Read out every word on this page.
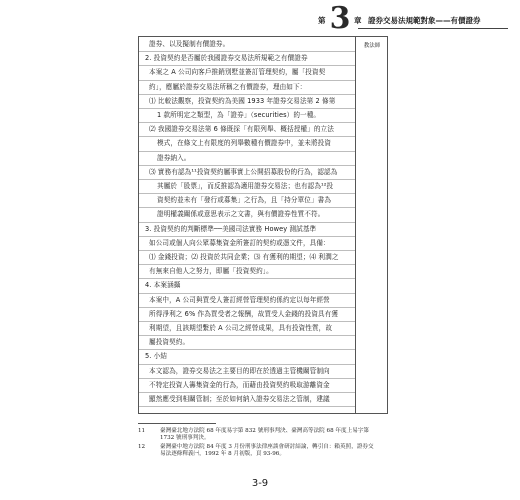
第 3 章 證券交易法規範對象——有價證券
教法師
證券、以及擬制有價證券。
2. 投資契約是否屬於我國證券交易法所規範之有價證券
本案之 A 公司向客戶推銷別墅並簽訂管理契約，屬「投資契
約」，應屬於證券交易法所稱之有價證券，理由如下：
⑴ 比較法觀察，投資契約為美國 1933 年證券交易法第 2 條第
1 款所明定之類型，為「證券」（securities）的一種。
⑵ 我國證券交易法第 6 條既採「有限列舉、概括授權」的立法
模式，在條文上有限度的列舉數種有價證券中，並未將投資
證券納入。
⑶ 實務有認為¹¹投資契約屬事實上公開招募股份的行為，認認為
其屬於「股票」，而反推認為適用證券交易法；也有認為¹²投
資契約並未有「發行或募集」之行為，且「持分單位」書為
證明權義關係或意思表示之文書，與有價證券性質不符。
3. 投資契約的判斷標準──美國司法實務 Howey 測試基準
如公司或個人向公眾募集資金所簽訂的契約或憑文件，具備：
⑴ 金錢投資；⑵ 投資於共同企業；⑶ 有獲利的期望；⑷ 利潤之
有無來自他人之努力，即屬「投資契約」。
4. 本案涵攝
本案中，A 公司與買受人簽訂經營管理契約係約定以每年經營
所得淨利之 6% 作為買受者之報酬，故買受人金錢的投資具有獲
利期望，且該期望繫於 A 公司之經營成果，具有投資性質，故
屬投資契約。
5. 小結
本文認為，證券交易法之主要目的即在於透過主管機關管制向
不特定投資人籌集資金的行為，而藉由投資契約吸取游離資金
顯然應受到相關管制；至於如何納入證券交易法之管制，建議
11	臺灣臺北地方法院 68 年度易字第 832 號刑事判決、臺灣高等法院 68 年度上易字第
1732 號刑事判決。
12	臺灣臺中地方法院 84 年度 3 月份刑事法律座談會研討結論，轉引自：賴英照，證券交
易法逐條釋義㈠，1992 年 8 月初版，頁 93-96。
3-9
